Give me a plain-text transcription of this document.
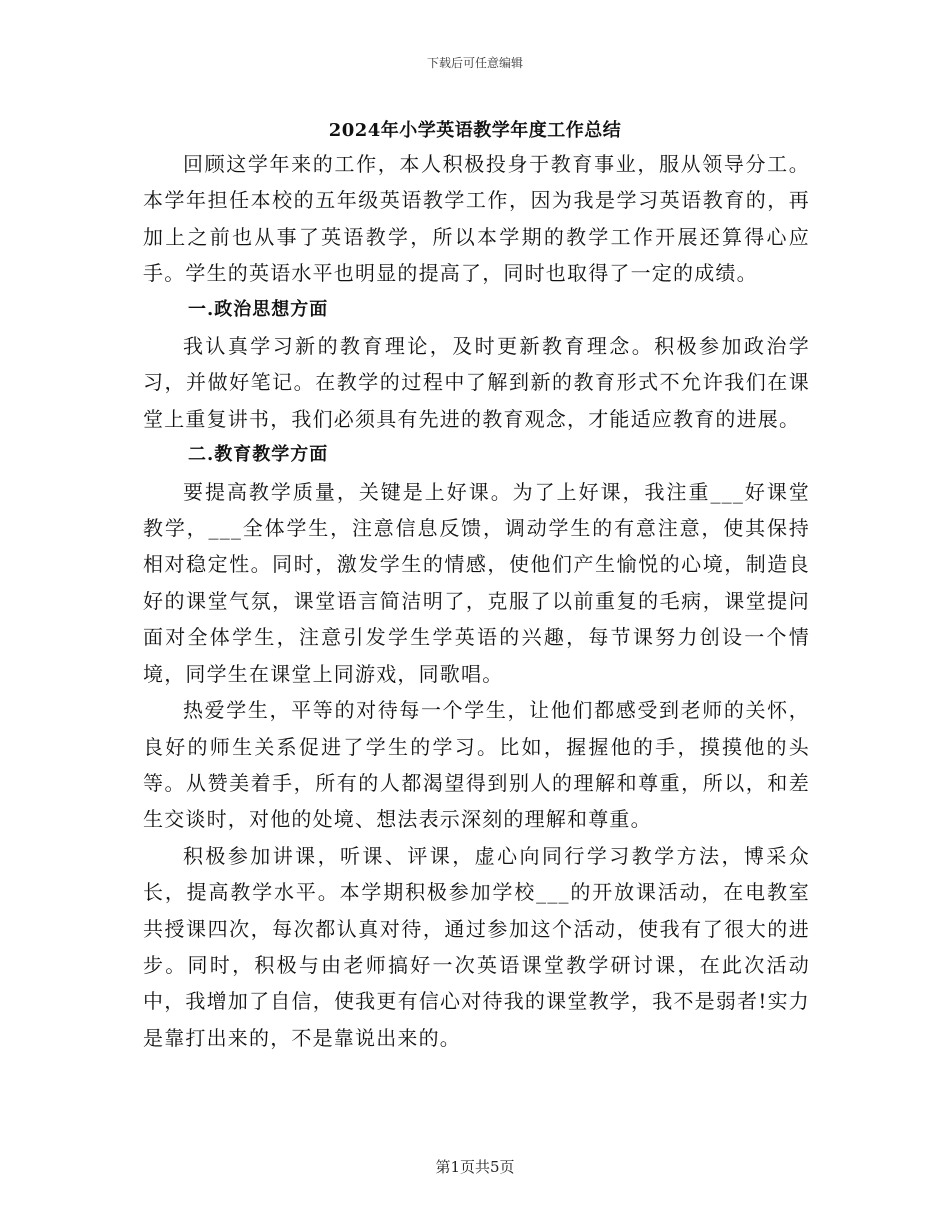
下载后可任意编辑
2024年小学英语教学年度工作总结

回顾这学年来的工作，本人积极投身于教育事业，服从领导分工。本学年担任本校的五年级英语教学工作，因为我是学习英语教育的，再加上之前也从事了英语教学，所以本学期的教学工作开展还算得心应手。学生的英语水平也明显的提高了，同时也取得了一定的成绩。

一.政治思想方面

我认真学习新的教育理论，及时更新教育理念。积极参加政治学习，并做好笔记。在教学的过程中了解到新的教育形式不允许我们在课堂上重复讲书，我们必须具有先进的教育观念，才能适应教育的进展。

二.教育教学方面

要提高教学质量，关键是上好课。为了上好课，我注重___好课堂教学，___全体学生，注意信息反馈，调动学生的有意注意，使其保持相对稳定性。同时，激发学生的情感，使他们产生愉悦的心境，制造良好的课堂气氛，课堂语言简洁明了，克服了以前重复的毛病，课堂提问面对全体学生，注意引发学生学英语的兴趣，每节课努力创设一个情境，同学生在课堂上同游戏，同歌唱。

热爱学生，平等的对待每一个学生，让他们都感受到老师的关怀，良好的师生关系促进了学生的学习。比如，握握他的手，摸摸他的头等。从赞美着手，所有的人都渴望得到别人的理解和尊重，所以，和差生交谈时，对他的处境、想法表示深刻的理解和尊重。

积极参加讲课，听课、评课，虚心向同行学习教学方法，博采众长，提高教学水平。本学期积极参加学校___的开放课活动，在电教室共授课四次，每次都认真对待，通过参加这个活动，使我有了很大的进步。同时，积极与由老师搞好一次英语课堂教学研讨课，在此次活动中，我增加了自信，使我更有信心对待我的课堂教学，我不是弱者!实力是靠打出来的，不是靠说出来的。

第1页共5页
